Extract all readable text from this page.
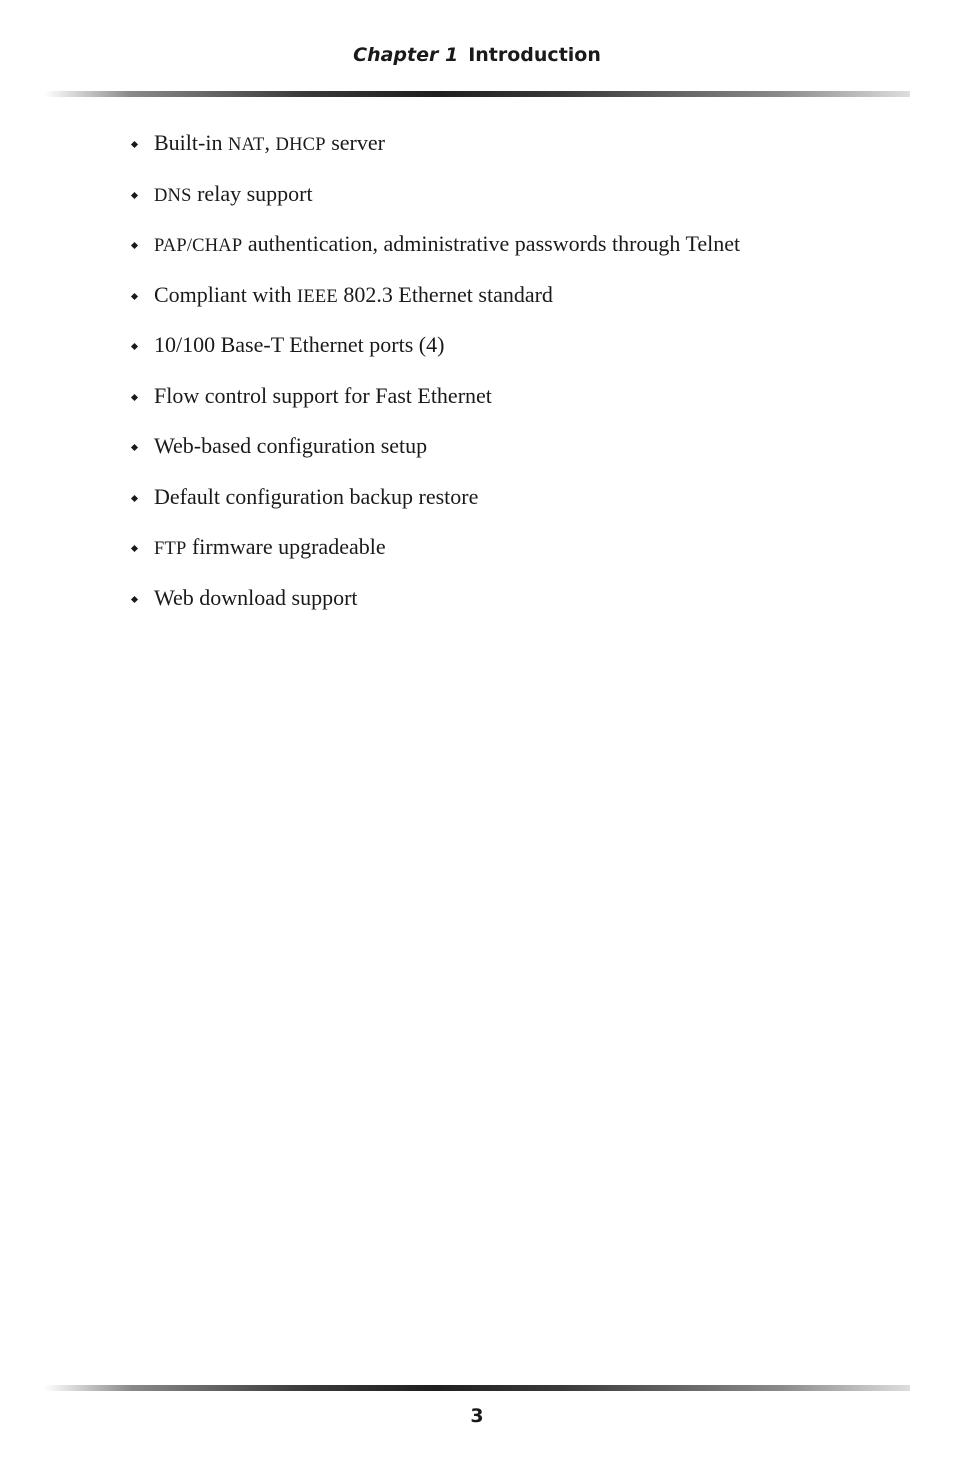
Chapter 1 Introduction
Built-in NAT, DHCP server
DNS relay support
PAP/CHAP authentication, administrative passwords through Telnet
Compliant with IEEE 802.3 Ethernet standard
10/100 Base-T Ethernet ports (4)
Flow control support for Fast Ethernet
Web-based configuration setup
Default configuration backup restore
FTP firmware upgradeable
Web download support
3
